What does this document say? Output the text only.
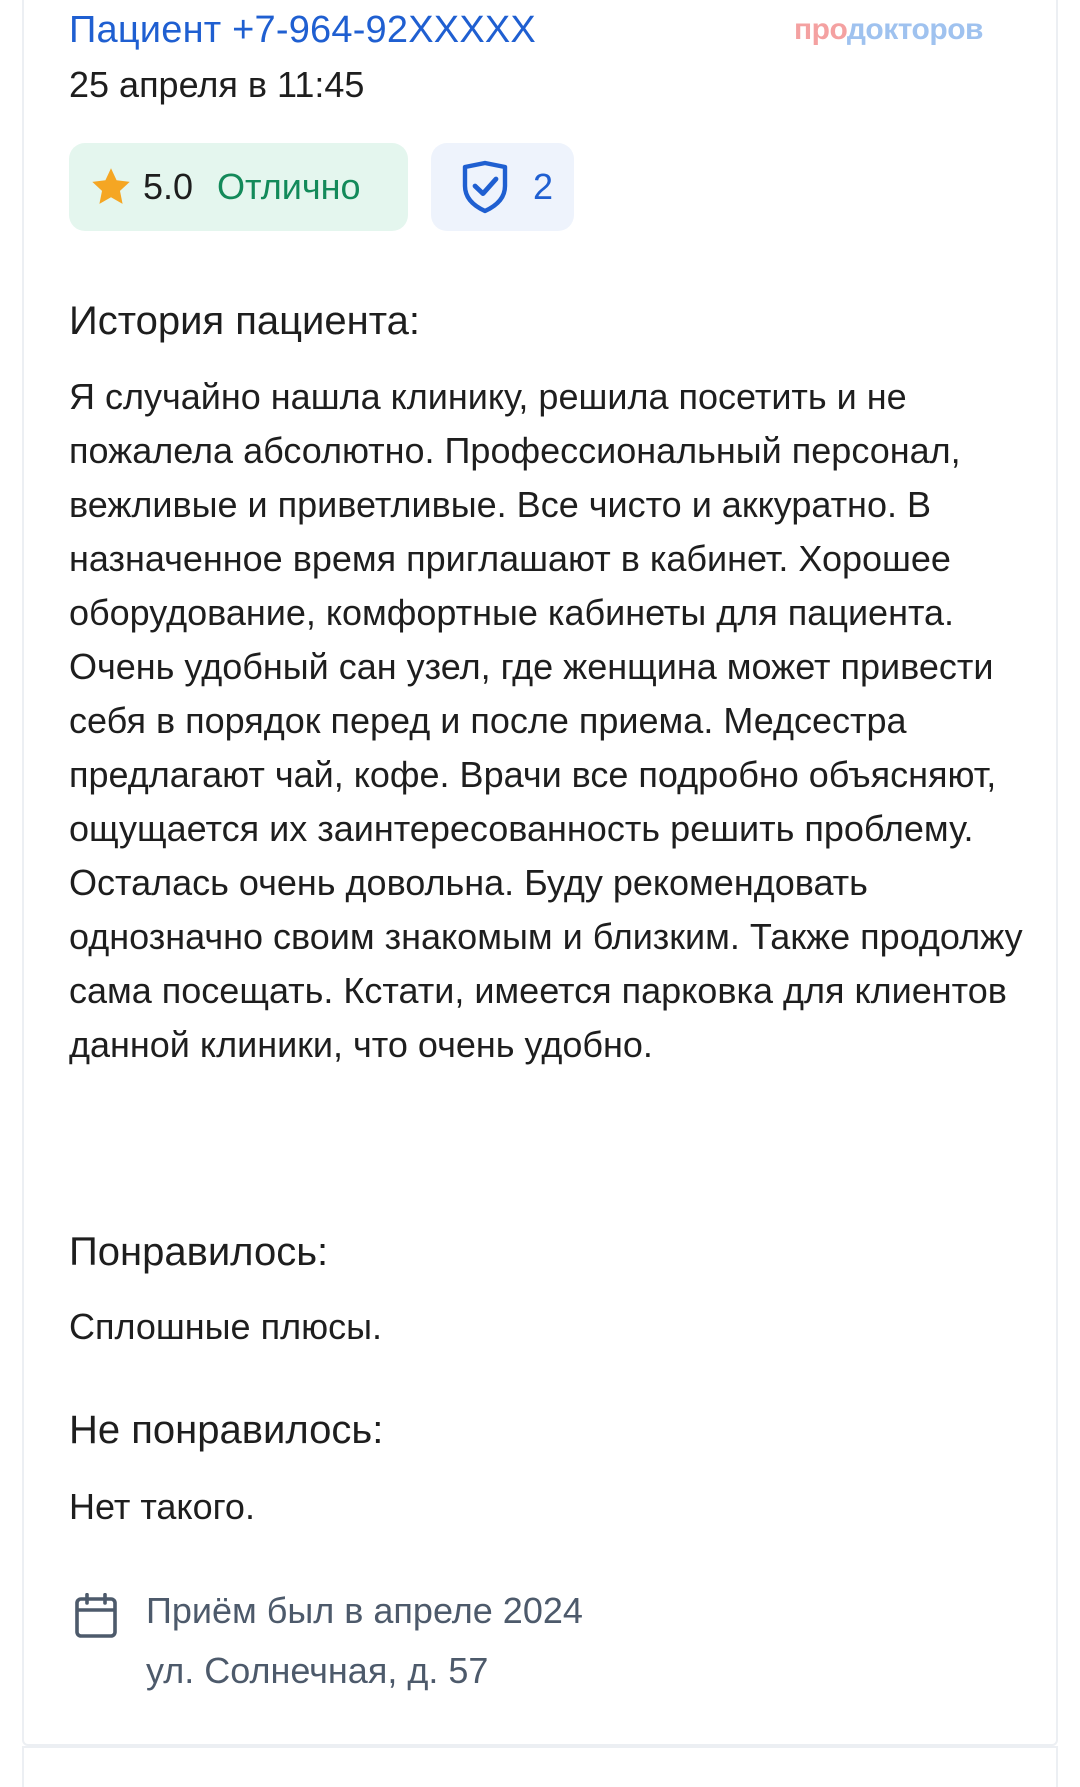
Пациент +7-964-92XXXXX	продокторов
25 апреля в 11:45
5.0 Отлично	2
История пациента:
Я случайно нашла клинику, решила посетить и не пожалела абсолютно. Профессиональный персонал, вежливые и приветливые. Все чисто и аккуратно. В назначенное время приглашают в кабинет. Хорошее оборудование, комфортные кабинеты для пациента. Очень удобный сан узел, где женщина может привести себя в порядок перед и после приема. Медсестра предлагают чай, кофе. Врачи все подробно объясняют, ощущается их заинтересованность решить проблему. Осталась очень довольна. Буду рекомендовать однозначно своим знакомым и близким. Также продолжу сама посещать. Кстати, имеется парковка для клиентов данной клиники, что очень удобно.
Понравилось:
Сплошные плюсы.
Не понравилось:
Нет такого.
Приём был в апреле 2024
ул. Солнечная, д. 57
